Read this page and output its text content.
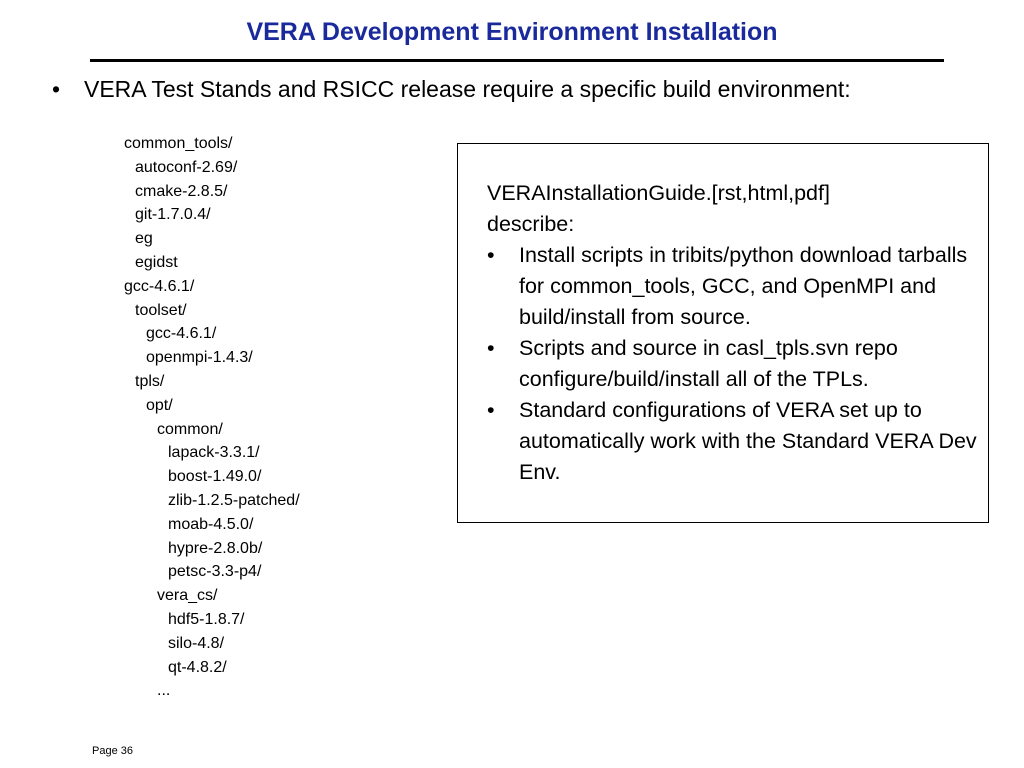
VERA Development Environment Installation
• VERA Test Stands and RSICC release require a specific build environment:
common_tools/
autoconf-2.69/
cmake-2.8.5/
git-1.7.0.4/
eg
egidst
gcc-4.6.1/
toolset/
gcc-4.6.1/
openmpi-1.4.3/
tpls/
opt/
common/
lapack-3.3.1/
boost-1.49.0/
zlib-1.2.5-patched/
moab-4.5.0/
hypre-2.8.0b/
petsc-3.3-p4/
vera_cs/
hdf5-1.8.7/
silo-4.8/
qt-4.8.2/
...

VERAInstallationGuide.[rst,html,pdf]
describe:

• Install scripts in tribits/python download tarballs for common_tools, GCC, and OpenMPI and build/install from source.
• Scripts and source in casl_tpls.svn repo configure/build/install all of the TPLs.
• Standard configurations of VERA set up to automatically work with the Standard VERA Dev Env.
Page 36
